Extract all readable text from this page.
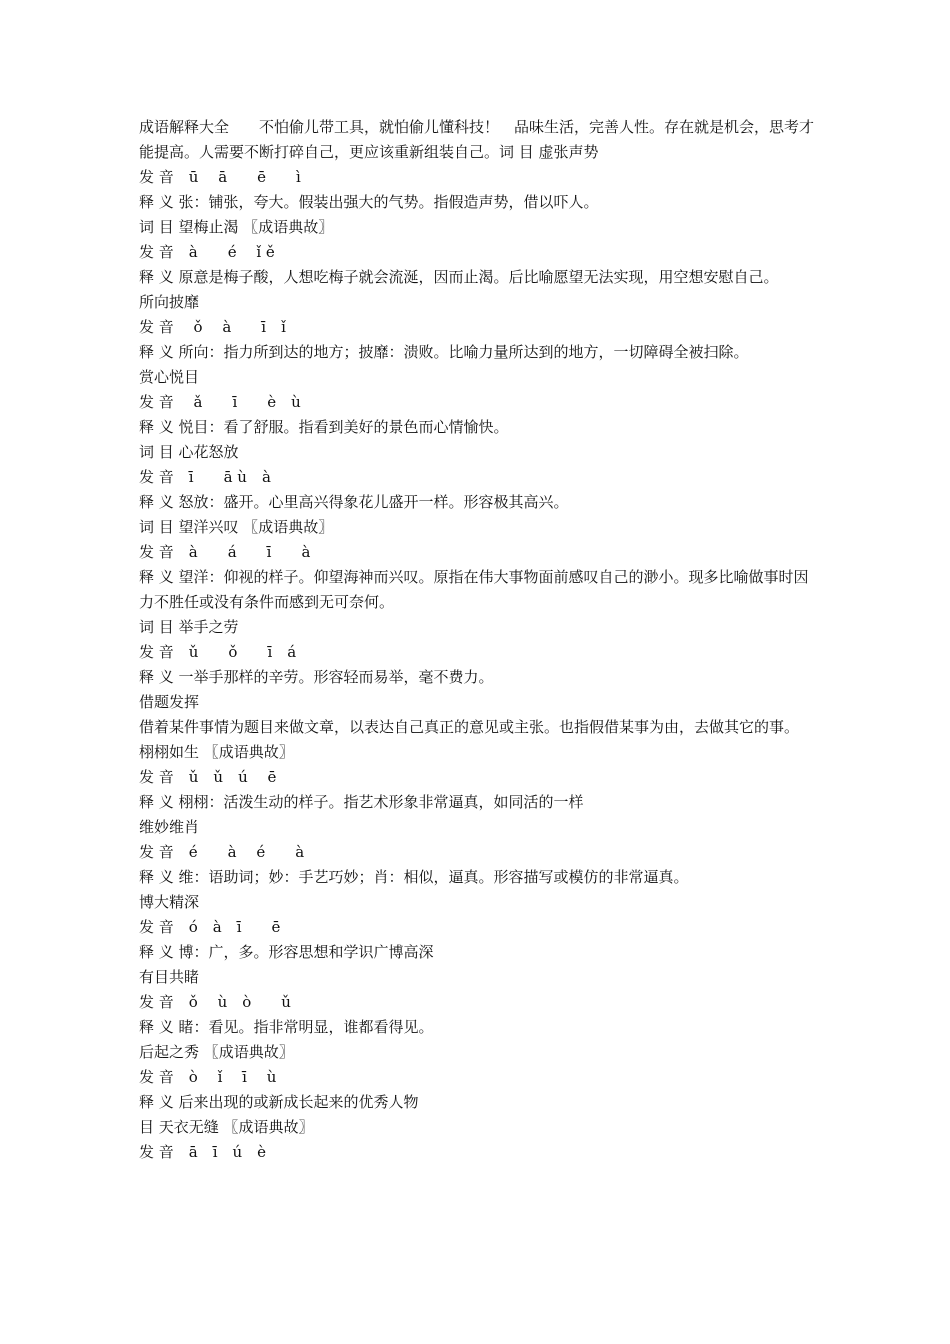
成语解释大全　　不怕偷儿带工具，就怕偷儿懂科技！　品味生活，完善人性。存在就是机会，思考才能提高。人需要不断打碎自己，更应该重新组装自己。词 目 虚张声势

发 音　ū　 ā　　ē　　ì

释 义 张：铺张，夸大。假装出强大的气势。指假造声势，借以吓人。

词 目 望梅止渴 〖成语典故〗

发 音　à　　é　 ǐ ě

释 义 原意是梅子酸，人想吃梅子就会流涎，因而止渴。后比喻愿望无法实现，用空想安慰自己。

所向披靡

发 音　 ǒ　 à　　ī　ǐ

释 义 所向：指力所到达的地方；披靡：溃败。比喻力量所达到的地方，一切障碍全被扫除。

赏心悦目

发 音　 ǎ　　ī　　è　ù

释 义 悦目：看了舒服。指看到美好的景色而心情愉快。

词 目 心花怒放

发 音　ī　　ā ù　à

释 义 怒放：盛开。心里高兴得象花儿盛开一样。形容极其高兴。

词 目 望洋兴叹 〖成语典故〗

发 音　à　　á　　ī　　à

释 义 望洋：仰视的样子。仰望海神而兴叹。原指在伟大事物面前感叹自己的渺小。现多比喻做事时因力不胜任或没有条件而感到无可奈何。

词 目 举手之劳

发 音　ǔ　　ǒ　　ī　á

释 义 一举手那样的辛劳。形容轻而易举，毫不费力。

借题发挥

借着某件事情为题目来做文章，以表达自己真正的意见或主张。也指假借某事为由，去做其它的事。

栩栩如生 〖成语典故〗

发 音　ǔ　ǔ　ú　 ē

释 义 栩栩：活泼生动的样子。指艺术形象非常逼真，如同活的一样

维妙维肖

发 音　é　　à　 é　　à

释 义 维：语助词；妙：手艺巧妙；肖：相似，逼真。形容描写或模仿的非常逼真。

博大精深

发 音　ó　à　ī　　ē

释 义 博：广，多。形容思想和学识广博高深

有目共睹

发 音　ǒ　 ù　ò　　ǔ

释 义 睹：看见。指非常明显，谁都看得见。

后起之秀 〖成语典故〗

发 音　ò　 ǐ　 ī　 ù

释 义 后来出现的或新成长起来的优秀人物

目 天衣无缝 〖成语典故〗

发 音　ā　ī　ú　è
